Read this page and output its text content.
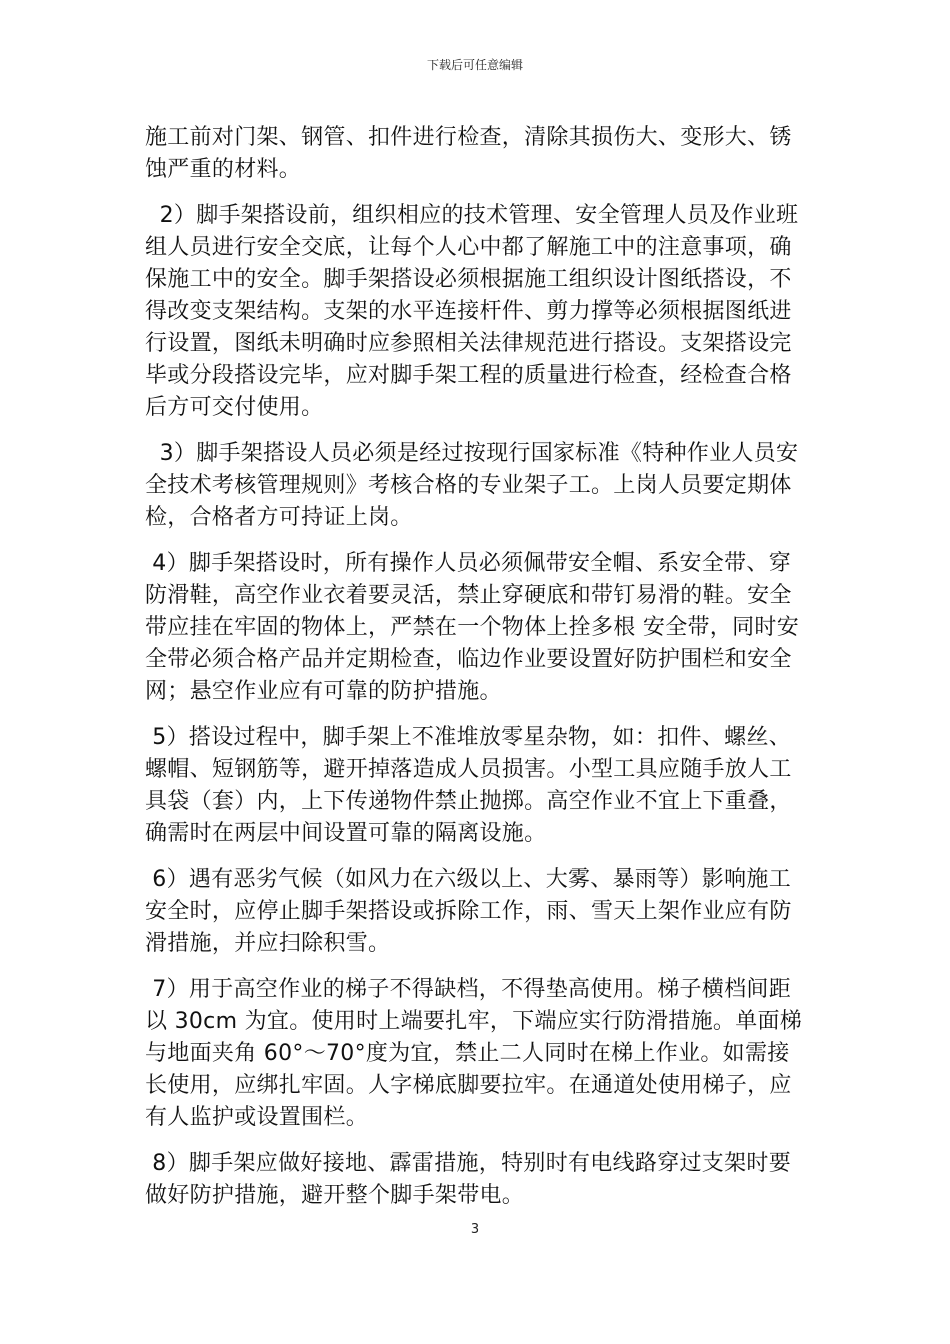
下载后可任意编辑

施工前对门架、钢管、扣件进行检查，清除其损伤大、变形大、锈蚀严重的材料。

2）脚手架搭设前，组织相应的技术管理、安全管理人员及作业班组人员进行安全交底，让每个人心中都了解施工中的注意事项，确保施工中的安全。脚手架搭设必须根据施工组织设计图纸搭设，不得改变支架结构。支架的水平连接杆件、剪力撑等必须根据图纸进行设置，图纸未明确时应参照相关法律规范进行搭设。支架搭设完毕或分段搭设完毕，应对脚手架工程的质量进行检查，经检查合格后方可交付使用。

3）脚手架搭设人员必须是经过按现行国家标准《特种作业人员安全技术考核管理规则》考核合格的专业架子工。上岗人员要定期体检，合格者方可持证上岗。

4）脚手架搭设时，所有操作人员必须佩带安全帽、系安全带、穿防滑鞋，高空作业衣着要灵活，禁止穿硬底和带钉易滑的鞋。安全带应挂在牢固的物体上，严禁在一个物体上拴多根 安全带，同时安全带必须合格产品并定期检查，临边作业要设置好防护围栏和安全网；悬空作业应有可靠的防护措施。

5）搭设过程中，脚手架上不准堆放零星杂物，如：扣件、螺丝、螺帽、短钢筋等，避开掉落造成人员损害。小型工具应随手放人工具袋（套）内，上下传递物件禁止抛掷。高空作业不宜上下重叠，确需时在两层中间设置可靠的隔离设施。

6）遇有恶劣气候（如风力在六级以上、大雾、暴雨等）影响施工安全时，应停止脚手架搭设或拆除工作，雨、雪天上架作业应有防滑措施，并应扫除积雪。

7）用于高空作业的梯子不得缺档，不得垫高使用。梯子横档间距以 30cm 为宜。使用时上端要扎牢，下端应实行防滑措施。单面梯与地面夹角 60°～70°度为宜，禁止二人同时在梯上作业。如需接长使用，应绑扎牢固。人字梯底脚要拉牢。在通道处使用梯子，应有人监护或设置围栏。

8）脚手架应做好接地、霹雷措施，特别时有电线路穿过支架时要做好防护措施，避开整个脚手架带电。

3
